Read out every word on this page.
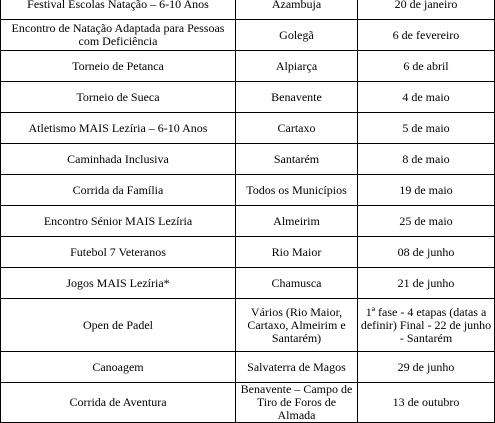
Festival Escolas Natação – 6-10 Anos	Azambuja	20 de janeiro
Encontro de Natação Adaptada para Pessoas com Deficiência	Golegã	6 de fevereiro
Torneio de Petanca	Alpiarça	6 de abril
Torneio de Sueca	Benavente	4 de maio
Atletismo MAIS Lezíria – 6-10 Anos	Cartaxo	5 de maio
Caminhada Inclusiva	Santarém	8 de maio
Corrida da Família	Todos os Municípios	19 de maio
Encontro Sénior MAIS Lezíria	Almeirim	25 de maio
Futebol 7 Veteranos	Rio Maior	08 de junho
Jogos MAIS Lezíria*	Chamusca	21 de junho
Open de Padel	Vários (Rio Maior, Cartaxo, Almeirim e Santarém)	1ª fase - 4 etapas (datas a definir) Final - 22 de junho - Santarém
Canoagem	Salvaterra de Magos	29 de junho
Corrida de Aventura	Benavente – Campo de Tiro de Foros de Almada	13 de outubro
